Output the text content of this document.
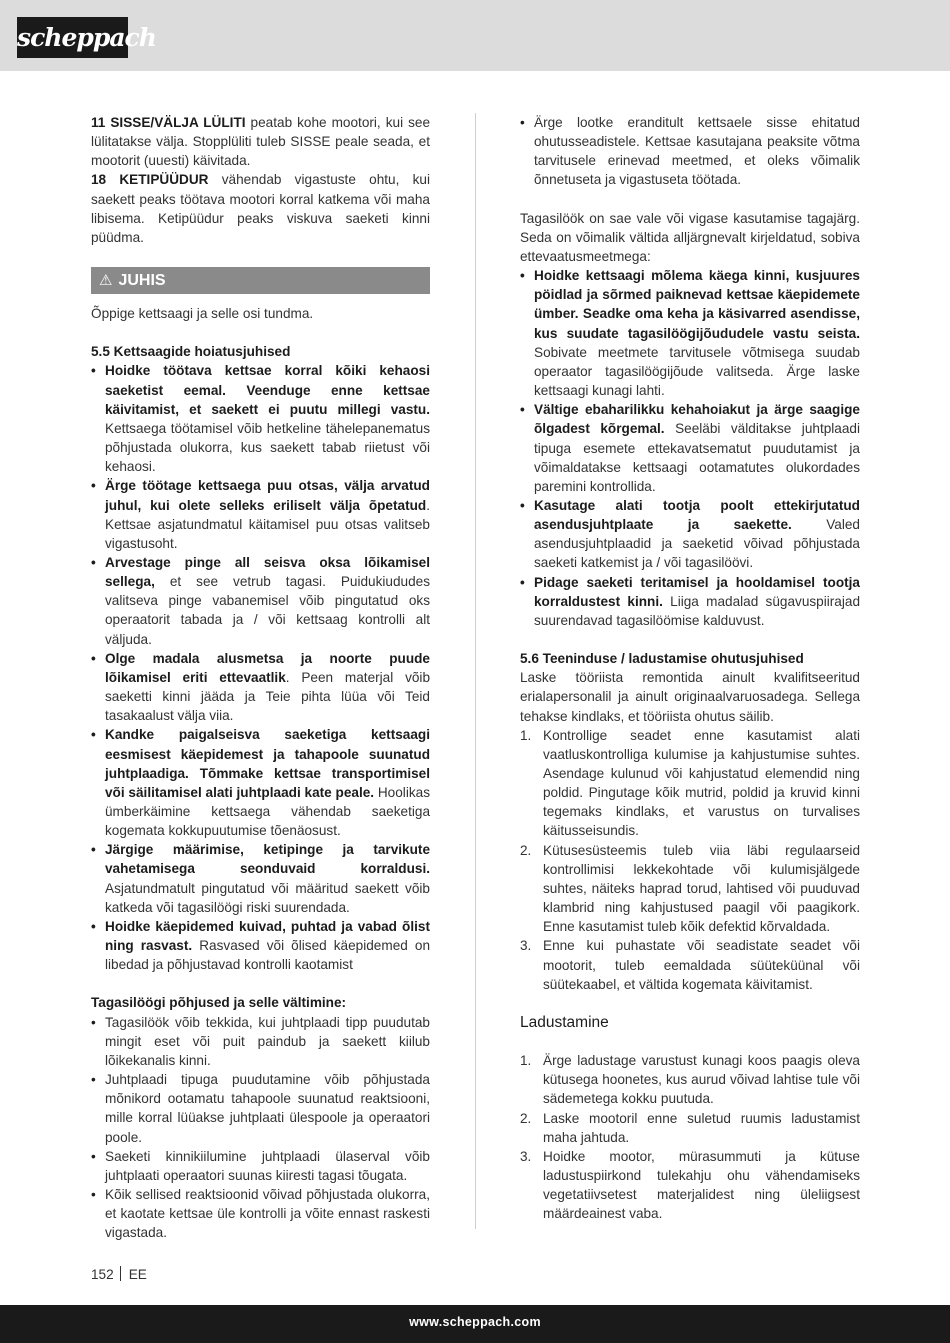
scheppach

11 SISSE/VÄLJA LÜLITI peatab kohe mootori, kui see lülitatakse välja. Stopplüliti tuleb SISSE peale seada, et mootorit (uuesti) käivitada.

18 KETIPÜÜDUR vähendab vigastuste ohtu, kui saekett peaks töötava mootori korral katkema või maha libisema. Ketipüüdur peaks viskuva saeketi kinni püüdma.

⚠ JUHIS

Õppige kettsaagi ja selle osi tundma.

5.5 Kettsaagide hoiatusjuhised
• Hoidke töötava kettsae korral kõiki kehaosi saeketist eemal. Veenduge enne kettsae käivitamist, et saekett ei puutu millegi vastu. Kettsaega töötamisel võib hetkeline tähelepanematus põhjustada olukorra, kus saekett tabab riietust või kehaosi.
• Ärge töötage kettsaega puu otsas, välja arvatud juhul, kui olete selleks eriliselt välja õpetatud. Kettsae asjatundmatul käitamisel puu otsas valitseb vigastusoht.
• Arvestage pinge all seisva oksa lõikamisel sellega, et see vetrub tagasi. Puidukiududes valitseva pinge vabanemisel võib pingutatud oks operaatorit tabada ja / või kettsaag kontrolli alt väljuda.
• Olge madala alusmetsa ja noorte puude lõikamisel eriti ettevaatlik. Peen materjal võib saeketti kinni jääda ja Teie pihta lüüa või Teid tasakaalust välja viia.
• Kandke paigalseisva saeketiga kettsaagi eesmisest käepidemest ja tahapoole suunatud juhtplaadiga. Tõmmake kettsae transportimisel või säilitamisel alati juhtplaadi kate peale. Hoolikas ümberkäimine kettsaega vähendab saeketiga kogemata kokkupuutumise tõenäosust.
• Järgige määrimise, ketipinge ja tarvikute vahetamisega seonduvaid korraldusi. Asjatundmatult pingutatud või määritud saekett võib katkeda või tagasilöögi riski suurendada.
• Hoidke käepidemed kuivad, puhtad ja vabad õlist ning rasvast. Rasvased või õlised käepidemed on libedad ja põhjustavad kontrolli kaotamist
Tagasilöögi põhjused ja selle vältimine:
• Tagasilöök võib tekkida, kui juhtplaadi tipp puudutab mingit eset või puit paindub ja saekett kiilub lõikekanalis kinni.
• Juhtplaadi tipuga puudutamine võib põhjustada mõnikord ootamatu tahapoole suunatud reaktsiooni, mille korral lüüakse juhtplaati ülespoole ja operaatori poole.
• Saeketi kinnikiilumine juhtplaadi ülaserval võib juhtplaati operaatori suunas kiiresti tagasi tõugata.
• Kõik sellised reaktsioonid võivad põhjustada olukorra, et kaotate kettsae üle kontrolli ja võite ennast raskesti vigastada.
• Ärge lootke eranditult kettsaele sisse ehitatud ohutusseadistele. Kettsae kasutajana peaksite võtma tarvitusele erinevad meetmed, et oleks võimalik õnnetuseta ja vigastuseta töötada.

Tagasilöök on sae vale või vigase kasutamise tagajärg. Seda on võimalik vältida alljärgnevalt kirjeldatud, sobiva ettevaatusmeetmega:

• Hoidke kettsaagi mõlema käega kinni, kusjuures pöidlad ja sõrmed paiknevad kettsae käepidemete ümber. Seadke oma keha ja käsivarred asendisse, kus suudate tagasilöögijõududele vastu seista. Sobivate meetmete tarvitusele võtmisega suudab operaator tagasilöögijõude valitseda. Ärge laske kettsaagi kunagi lahti.
• Vältige ebaharilikku kehahoiakut ja ärge saagige õlgadest kõrgemal. Seeläbi välditakse juhtplaadi tipuga esemete ettekavatsematut puudutamist ja võimaldatakse kettsaagi ootamatutes olukordades paremini kontrollida.
• Kasutage alati tootja poolt ettekirjutatud asendusjuhtplaate ja saekette. Valed asendusjuhtplaadid ja saeketid võivad põhjustada saeketi katkemist ja / või tagasilöövi.
• Pidage saeketi teritamisel ja hooldamisel tootja korraldustest kinni. Liiga madalad sügavuspiirajad suurendavad tagasilöömise kalduvust.
5.6 Teeninduse / ladustamise ohutusjuhised

Laske tööriista remontida ainult kvalifitseeritud erialapersonalil ja ainult originaalvaruosadega. Sellega tehakse kindlaks, et tööriista ohutus säilib.

1. Kontrollige seadet enne kasutamist alati vaatluskontrolliga kulumise ja kahjustumise suhtes. Asendage kulunud või kahjustatud elemendid ning poldid. Pingutage kõik mutrid, poldid ja kruvid kinni tegemaks kindlaks, et varustus on turvalises käitusseisundis.
2. Kütusesüsteemis tuleb viia läbi regulaarseid kontrollimisi lekkekohtade või kulumisjälgede suhtes, näiteks haprad torud, lahtised või puuduvad klambrid ning kahjustused paagil või paagikork. Enne kasutamist tuleb kõik defektid kõrvaldada.
3. Enne kui puhastate või seadistate seadet või mootorit, tuleb eemaldada süüteküünal või süütekaabel, et vältida kogemata käivitamist.

Ladustamine

1. Ärge ladustage varustust kunagi koos paagis oleva kütusega hoonetes, kus aurud võivad lahtise tule või sädemetega kokku puutuda.
2. Laske mootoril enne suletud ruumis ladustamist maha jahtuda.
3. Hoidke mootor, mürasummuti ja kütuse ladustuspiirkond tulekahju ohu vähendamiseks vegetatiivsetest materjalidest ning üleliigsest määrdeainest vaba.
152 EE
www.scheppach.com
